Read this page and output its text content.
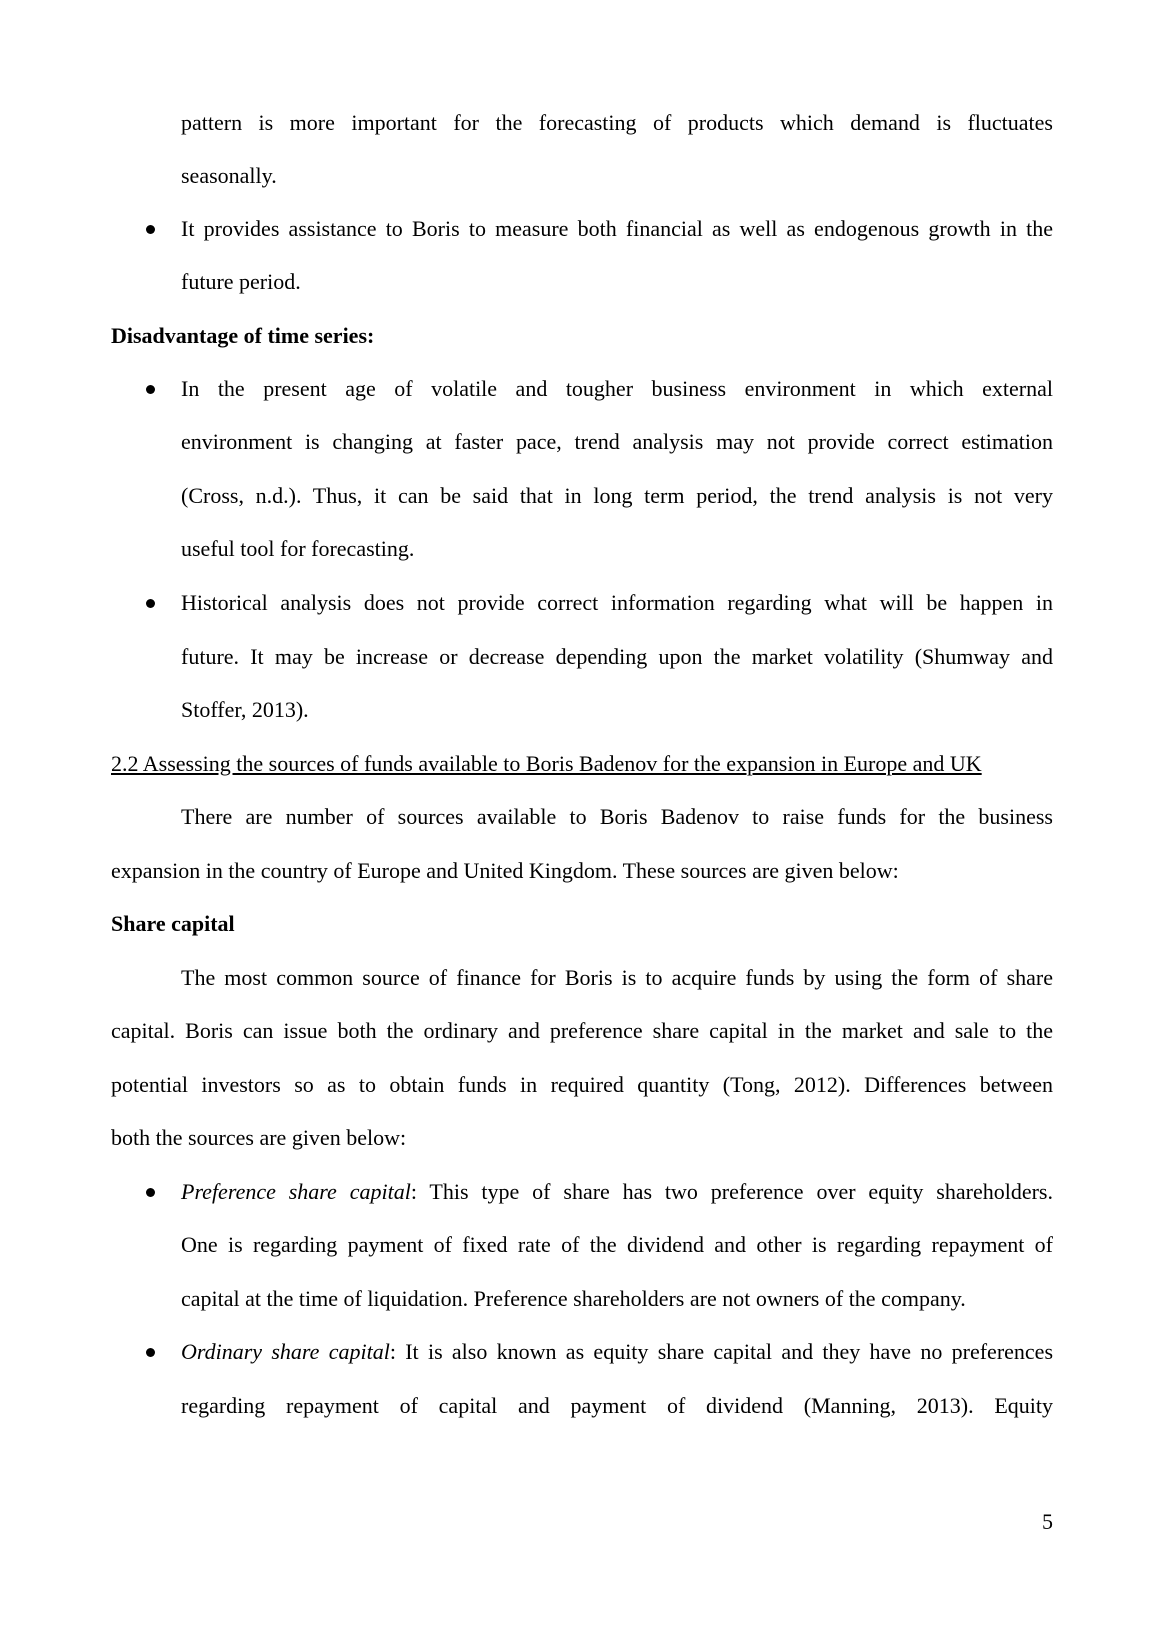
pattern is more important for the forecasting of products which demand is fluctuates
seasonally.
It provides assistance to Boris to measure both financial as well as endogenous growth in the
future period.
Disadvantage of time series:
In the present age of volatile and tougher business environment in which external
environment is changing at faster pace, trend analysis may not provide correct estimation
(Cross, n.d.). Thus, it can be said that in long term period, the trend analysis is not very
useful tool for forecasting.
Historical analysis does not provide correct information regarding what will be happen in
future. It may be increase or decrease depending upon the market volatility (Shumway and
Stoffer, 2013).
2.2 Assessing the sources of funds available to Boris Badenov for the expansion in Europe and UK
There are number of sources available to Boris Badenov to raise funds for the business
expansion in the country of Europe and United Kingdom. These sources are given below:
Share capital
The most common source of finance for Boris is to acquire funds by using the form of share
capital. Boris can issue both the ordinary and preference share capital in the market and sale to the
potential investors so as to obtain funds in required quantity (Tong, 2012). Differences between
both the sources are given below:
Preference share capital: This type of share has two preference over equity shareholders.
One is regarding payment of fixed rate of the dividend and other is regarding repayment of
capital at the time of liquidation. Preference shareholders are not owners of the company.
Ordinary share capital: It is also known as equity share capital and they have no preferences
regarding repayment of capital and payment of dividend (Manning, 2013). Equity
5
